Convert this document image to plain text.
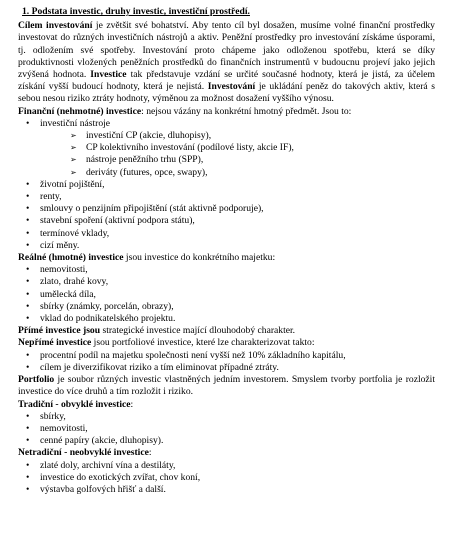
1. Podstata investic, druhy investic, investiční prostředí.
Cílem investování je zvětšit své bohatství. Aby tento cíl byl dosažen, musíme volné finanční prostředky investovat do různých investičních nástrojů a aktiv. Peněžní prostředky pro investování získáme úsporami, tj. odložením své spotřeby. Investování proto chápeme jako odloženou spotřebu, která se díky produktivnosti vložených peněžních prostředků do finančních instrumentů v budoucnu projeví jako jejich zvýšená hodnota. Investice tak představuje vzdání se určité současné hodnoty, která je jistá, za účelem získání vyšší budoucí hodnoty, která je nejistá. Investování je ukládání peněz do takových aktiv, která s sebou nesou riziko ztráty hodnoty, výměnou za možnost dosažení vyššího výnosu.
Finanční (nehmotné) investice: nejsou vázány na konkrétní hmotný předmět. Jsou to:
• investiční nástroje
➢ investiční CP (akcie, dluhopisy),
➢ CP kolektivního investování (podílové listy, akcie IF),
➢ nástroje peněžního trhu (SPP),
➢ deriváty (futures, opce, swapy),
• životní pojištění,
• renty,
• smlouvy o penzijním připojištění (stát aktivně podporuje),
• stavební spoření (aktivní podpora státu),
• termínové vklady,
• cizí měny.
Reálné (hmotné) investice jsou investice do konkrétního majetku:
• nemovitosti,
• zlato, drahé kovy,
• umělecká díla,
• sbírky (známky, porcelán, obrazy),
• vklad do podnikatelského projektu.
Přímé investice jsou strategické investice mající dlouhodobý charakter.
Nepřímé investice jsou portfoliové investice, které lze charakterizovat takto:
• procentní podíl na majetku společnosti není vyšší než 10% základního kapitálu,
• cílem je diverzifikovat riziko a tím eliminovat případné ztráty.
Portfolio je soubor různých investic vlastněných jedním investorem. Smyslem tvorby portfolia je rozložit investice do více druhů a tím rozložit i riziko.
Tradiční - obvyklé investice:
• sbírky,
• nemovitosti,
• cenné papíry (akcie, dluhopisy).
Netradiční - neobvyklé investice:
• zlaté doly, archivní vína a destiláty,
• investice do exotických zvířat, chov koní,
• výstavba golfových hřišť a další.
